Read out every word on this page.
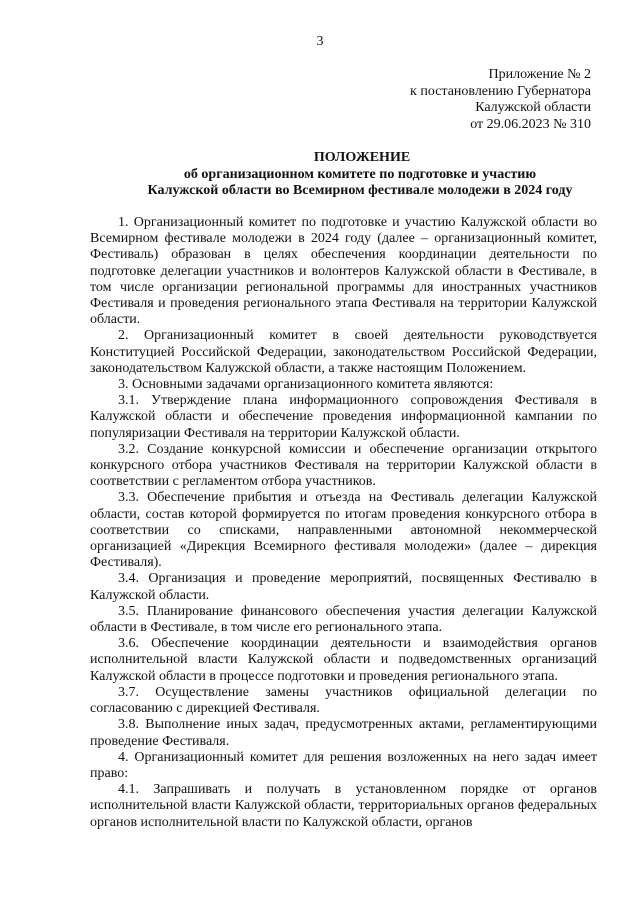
3
Приложение № 2
к постановлению Губернатора
Калужской области
от 29.06.2023 № 310
ПОЛОЖЕНИЕ
об организационном комитете по подготовке и участию
Калужской области во Всемирном фестивале молодежи в 2024 году

1. Организационный комитет по подготовке и участию Калужской области во Всемирном фестивале молодежи в 2024 году (далее – организационный комитет, Фестиваль) образован в целях обеспечения координации деятельности по подготовке делегации участников и волонтеров Калужской области в Фестивале, в том числе организации региональной программы для иностранных участников Фестиваля и проведения регионального этапа Фестиваля на территории Калужской области.

2. Организационный комитет в своей деятельности руководствуется Конституцией Российской Федерации, законодательством Российской Федерации, законодательством Калужской области, а также настоящим Положением.

3. Основными задачами организационного комитета являются:

3.1. Утверждение плана информационного сопровождения Фестиваля в Калужской области и обеспечение проведения информационной кампании по популяризации Фестиваля на территории Калужской области.

3.2. Создание конкурсной комиссии и обеспечение организации открытого конкурсного отбора участников Фестиваля на территории Калужской области в соответствии с регламентом отбора участников.

3.3. Обеспечение прибытия и отъезда на Фестиваль делегации Калужской области, состав которой формируется по итогам проведения конкурсного отбора в соответствии со списками, направленными автономной некоммерческой организацией «Дирекция Всемирного фестиваля молодежи» (далее – дирекция Фестиваля).

3.4. Организация и проведение мероприятий, посвященных Фестивалю в Калужской области.

3.5. Планирование финансового обеспечения участия делегации Калужской области в Фестивале, в том числе его регионального этапа.

3.6. Обеспечение координации деятельности и взаимодействия органов исполнительной власти Калужской области и подведомственных организаций Калужской области в процессе подготовки и проведения регионального этапа.

3.7. Осуществление замены участников официальной делегации по согласованию с дирекцией Фестиваля.

3.8. Выполнение иных задач, предусмотренных актами, регламентирующими проведение Фестиваля.

4. Организационный комитет для решения возложенных на него задач имеет право:

4.1. Запрашивать и получать в установленном порядке от органов исполнительной власти Калужской области, территориальных органов федеральных органов исполнительной власти по Калужской области, органов
